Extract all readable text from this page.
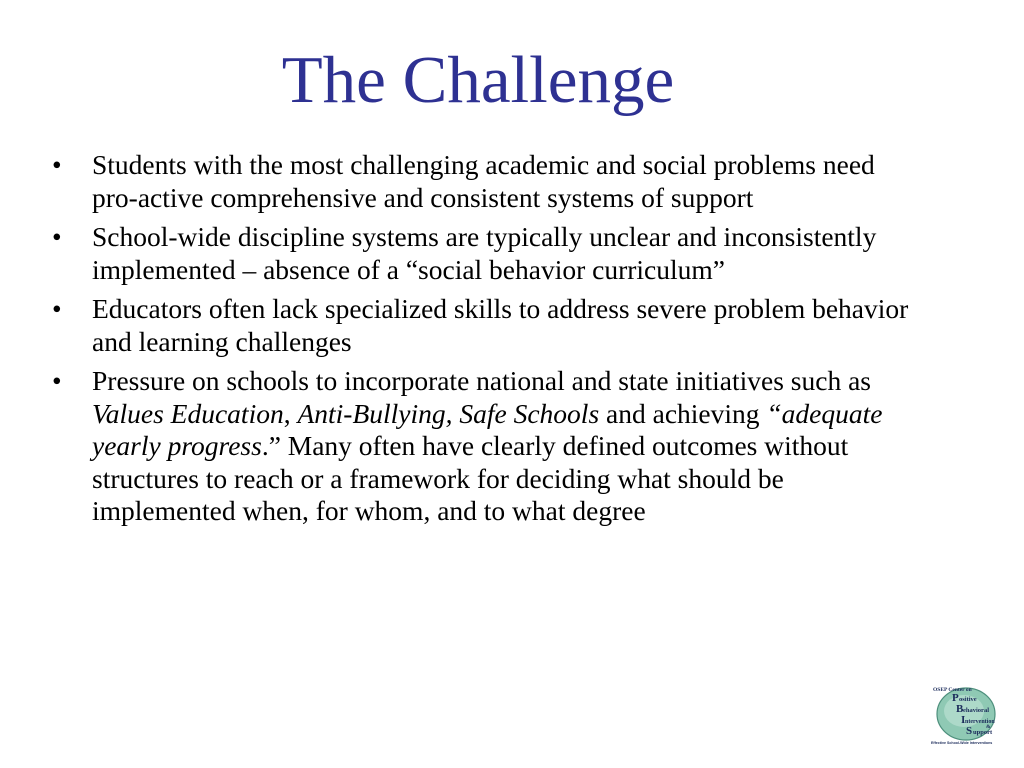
The Challenge
•	Students with the most challenging academic and social problems need pro-active comprehensive and consistent systems of support
•	School-wide discipline systems are typically unclear and inconsistently implemented – absence of a “social behavior curriculum”
•	Educators often lack specialized skills to address severe problem behavior and learning challenges
•	Pressure on schools to incorporate national and state initiatives such as Values Education, Anti-Bullying, Safe Schools and achieving “adequate yearly progress.” Many often have clearly defined outcomes without structures to reach or a framework for deciding what should be implemented when, for whom, and to what degree
OSEP Center on
P ositive
B ehavioral
I ntervention
&
S upport
Effective School-Wide Interventions
